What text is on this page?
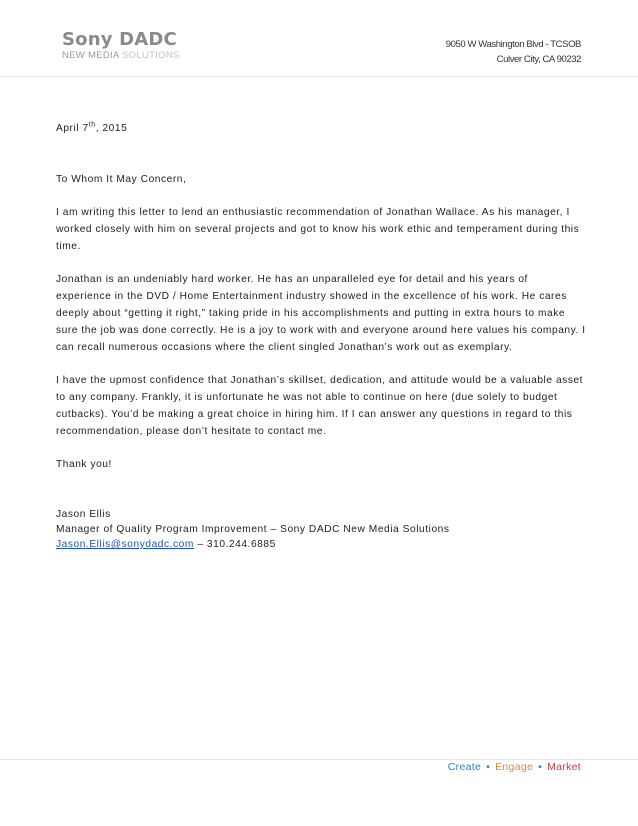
Sony DADC
NEW MEDIA SOLUTIONS
9050 W Washington Blvd - TCSOB
Culver City, CA 90232

April 7th, 2015

To Whom It May Concern,

I am writing this letter to lend an enthusiastic recommendation of Jonathan Wallace. As his manager, I worked closely with him on several projects and got to know his work ethic and temperament during this time.

Jonathan is an undeniably hard worker. He has an unparalleled eye for detail and his years of experience in the DVD / Home Entertainment industry showed in the excellence of his work. He cares deeply about “getting it right,” taking pride in his accomplishments and putting in extra hours to make sure the job was done correctly. He is a joy to work with and everyone around here values his company. I can recall numerous occasions where the client singled Jonathan’s work out as exemplary.

I have the upmost confidence that Jonathan’s skillset, dedication, and attitude would be a valuable asset to any company. Frankly, it is unfortunate he was not able to continue on here (due solely to budget cutbacks). You’d be making a great choice in hiring him. If I can answer any questions in regard to this recommendation, please don’t hesitate to contact me.

Thank you!

Jason Ellis

Manager of Quality Program Improvement – Sony DADC New Media Solutions

Jason.Ellis@sonydadc.com – 310.244.6885

Create • Engage • Market
